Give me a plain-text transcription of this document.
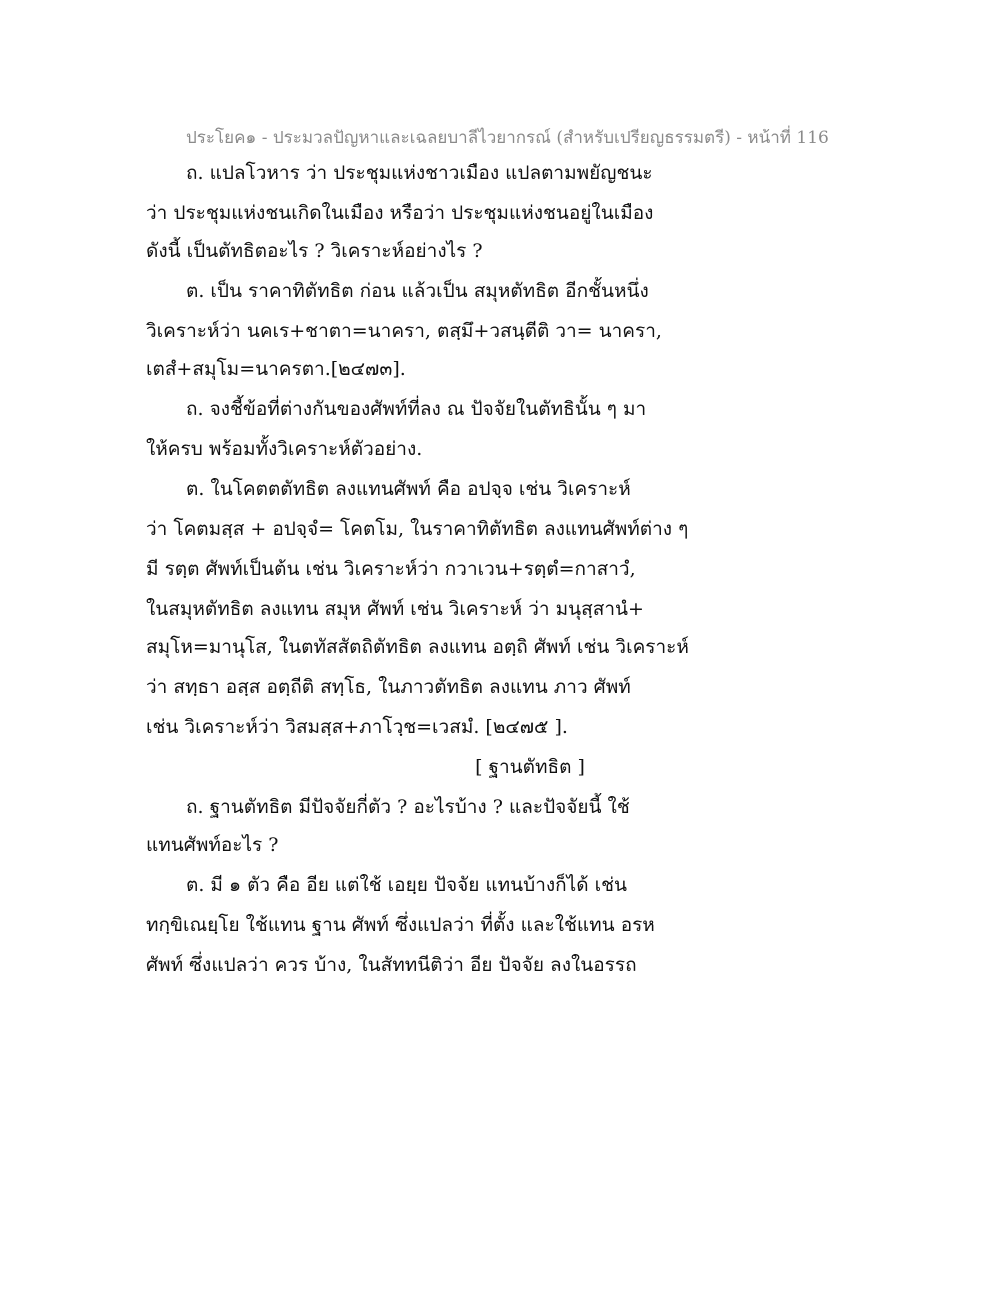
ประโยค๑ - ประมวลปัญหาและเฉลยบาลีไวยากรณ์ (สำหรับเปรียญธรรมตรี) - หน้าที่ 116
ถ. แปลโวหาร ว่า ประชุมแห่งชาวเมือง แปลตามพยัญชนะ
ว่า ประชุมแห่งชนเกิดในเมือง หรือว่า ประชุมแห่งชนอยู่ในเมือง
ดังนี้ เป็นตัทธิตอะไร ? วิเคราะห์อย่างไร ?
ต. เป็น ราคาทิตัทธิต ก่อน แล้วเป็น สมุหตัทธิต อีกชั้นหนึ่ง
วิเคราะห์ว่า นคเร+ชาตา=นาครา, ตสฺมึ+วสนฺตีติ วา= นาครา,
เตสํ+สมุโม=นาครตา.[๒๔๗๓].
ถ. จงชี้ข้อที่ต่างกันของศัพท์ที่ลง ณ ปัจจัยในตัทธินั้น ๆ มา
ให้ครบ พร้อมทั้งวิเคราะห์ตัวอย่าง.
ต. ในโคตตตัทธิต ลงแทนศัพท์ คือ อปจฺจ เช่น วิเคราะห์
ว่า โคตมสฺส + อปจฺจํ= โคตโม, ในราคาทิตัทธิต ลงแทนศัพท์ต่าง ๆ
มี รตฺต ศัพท์เป็นต้น เช่น วิเคราะห์ว่า กวาเวน+รตฺตํ=กาสาวํ,
ในสมุหตัทธิต ลงแทน สมุห ศัพท์ เช่น วิเคราะห์ ว่า มนุสฺสานํ+
สมุโห=มานุโส, ในตทัสสัตถิตัทธิต ลงแทน อตฺถิ ศัพท์ เช่น วิเคราะห์
ว่า สทฺธา อสฺส อตฺถีติ สทฺโธ, ในภาวตัทธิต ลงแทน ภาว ศัพท์
เช่น วิเคราะห์ว่า วิสมสฺส+ภาโวฺช=เวสมํ. [๒๔๗๕ ].
[ ฐานตัทธิต ]
ถ. ฐานตัทธิต มีปัจจัยกี่ตัว ? อะไรบ้าง ? และปัจจัยนี้ ใช้
แทนศัพท์อะไร ?
ต. มี ๑ ตัว คือ อีย แต่ใช้ เอยฺย ปัจจัย แทนบ้างก็ได้ เช่น
ทกฺขิเณยฺโย ใช้แทน ฐาน ศัพท์ ซึ่งแปลว่า ที่ตั้ง และใช้แทน อรห
ศัพท์ ซึ่งแปลว่า ควร บ้าง, ในสัททนีติว่า อีย ปัจจัย ลงในอรรถ
